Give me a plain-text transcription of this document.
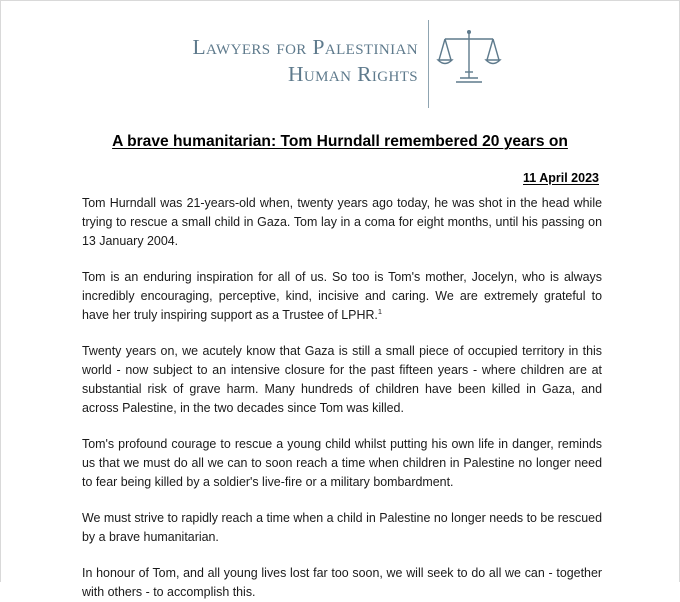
Lawyers for Palestinian
Human Rights
A brave humanitarian: Tom Hurndall remembered 20 years on
11 April 2023

Tom Hurndall was 21-years-old when, twenty years ago today, he was shot in the head while trying to rescue a small child in Gaza. Tom lay in a coma for eight months, until his passing on 13 January 2004.

Tom is an enduring inspiration for all of us. So too is Tom's mother, Jocelyn, who is always incredibly encouraging, perceptive, kind, incisive and caring. We are extremely grateful to have her truly inspiring support as a Trustee of LPHR.$^1$

Twenty years on, we acutely know that Gaza is still a small piece of occupied territory in this world - now subject to an intensive closure for the past fifteen years - where children are at substantial risk of grave harm. Many hundreds of children have been killed in Gaza, and across Palestine, in the two decades since Tom was killed.

Tom's profound courage to rescue a young child whilst putting his own life in danger, reminds us that we must do all we can to soon reach a time when children in Palestine no longer need to fear being killed by a soldier's live-fire or a military bombardment.

We must strive to rapidly reach a time when a child in Palestine no longer needs to be rescued by a brave humanitarian.

In honour of Tom, and all young lives lost far too soon, we will seek to do all we can - together with others - to accomplish this.
